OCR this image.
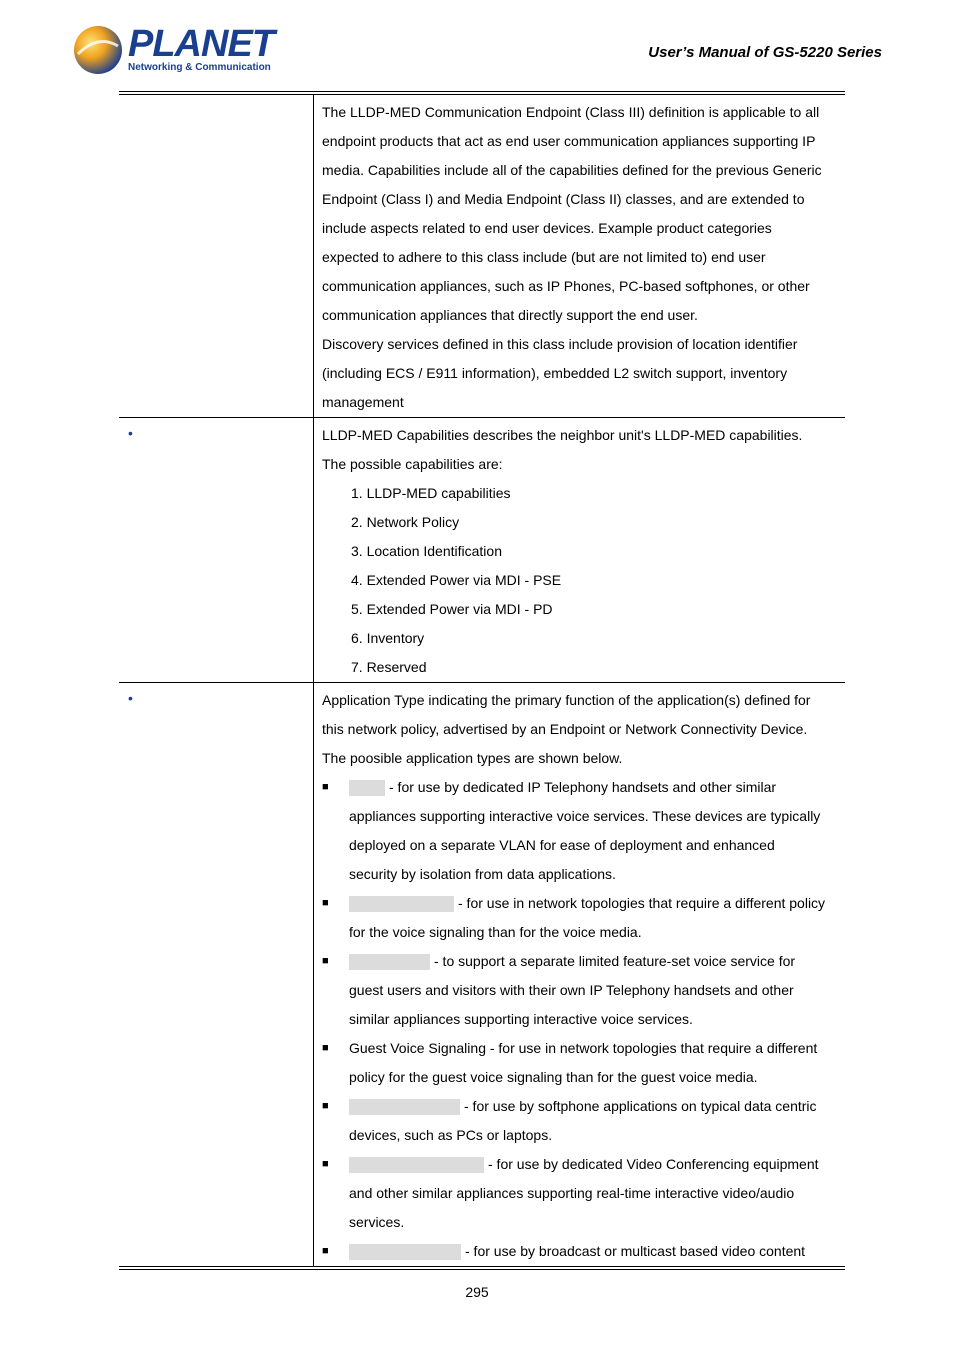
PLANET
Networking & Communication
User’s Manual of GS-5220 Series
The LLDP-MED Communication Endpoint (Class III) definition is applicable to all
endpoint products that act as end user communication appliances supporting IP
media. Capabilities include all of the capabilities defined for the previous Generic
Endpoint (Class I) and Media Endpoint (Class II) classes, and are extended to
include aspects related to end user devices. Example product categories
expected to adhere to this class include (but are not limited to) end user
communication appliances, such as IP Phones, PC-based softphones, or other
communication appliances that directly support the end user.
Discovery services defined in this class include provision of location identifier
(including ECS / E911 information), embedded L2 switch support, inventory
management
•	LLDP-MED Capabilities describes the neighbor unit's LLDP-MED capabilities.
The possible capabilities are:
1. LLDP-MED capabilities
2. Network Policy
3. Location Identification
4. Extended Power via MDI - PSE
5. Extended Power via MDI - PD
6. Inventory
7. Reserved
•	Application Type indicating the primary function of the application(s) defined for
this network policy, advertised by an Endpoint or Network Connectivity Device.
The poosible application types are shown below.
■	- for use by dedicated IP Telephony handsets and other similar
appliances supporting interactive voice services. These devices are typically
deployed on a separate VLAN for ease of deployment and enhanced
security by isolation from data applications.
■	- for use in network topologies that require a different policy
for the voice signaling than for the voice media.
■	- to support a separate limited feature-set voice service for
guest users and visitors with their own IP Telephony handsets and other
similar appliances supporting interactive voice services.
■	Guest Voice Signaling - for use in network topologies that require a different
policy for the guest voice signaling than for the guest voice media.
■	- for use by softphone applications on typical data centric
devices, such as PCs or laptops.
■	- for use by dedicated Video Conferencing equipment
and other similar appliances supporting real-time interactive video/audio
services.
■	- for use by broadcast or multicast based video content
295
